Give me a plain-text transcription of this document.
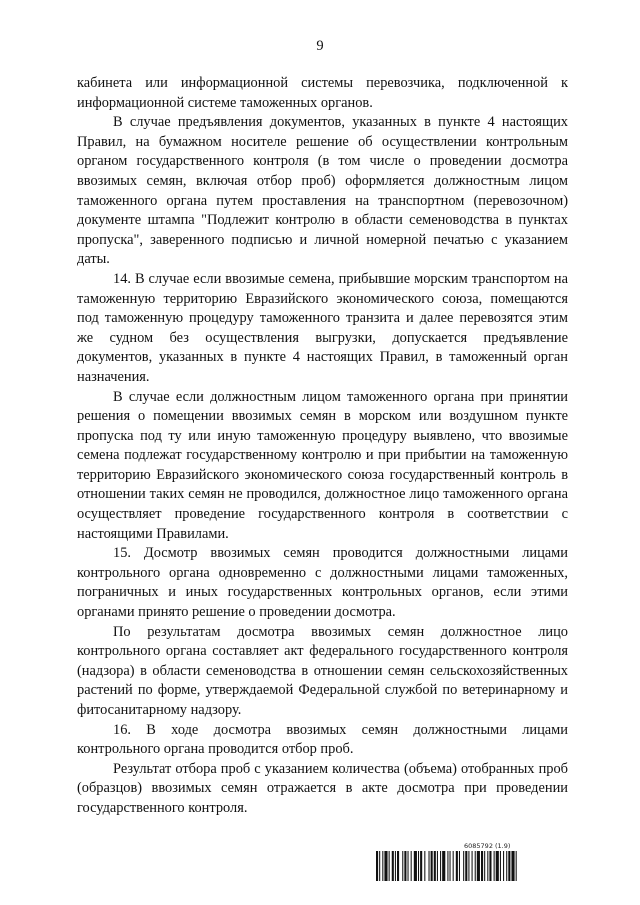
9

кабинета или информационной системы перевозчика, подключенной к информационной системе таможенных органов.

В случае предъявления документов, указанных в пункте 4 настоящих Правил, на бумажном носителе решение об осуществлении контрольным органом государственного контроля (в том числе о проведении досмотра ввозимых семян, включая отбор проб) оформляется должностным лицом таможенного органа путем проставления на транспортном (перевозочном) документе штампа "Подлежит контролю в области семеноводства в пунктах пропуска", заверенного подписью и личной номерной печатью с указанием даты.

14. В случае если ввозимые семена, прибывшие морским транспортом на таможенную территорию Евразийского экономического союза, помещаются под таможенную процедуру таможенного транзита и далее перевозятся этим же судном без осуществления выгрузки, допускается предъявление документов, указанных в пункте 4 настоящих Правил, в таможенный орган назначения.

В случае если должностным лицом таможенного органа при принятии решения о помещении ввозимых семян в морском или воздушном пункте пропуска под ту или иную таможенную процедуру выявлено, что ввозимые семена подлежат государственному контролю и при прибытии на таможенную территорию Евразийского экономического союза государственный контроль в отношении таких семян не проводился, должностное лицо таможенного органа осуществляет проведение государственного контроля в соответствии с настоящими Правилами.

15. Досмотр ввозимых семян проводится должностными лицами контрольного органа одновременно с должностными лицами таможенных, пограничных и иных государственных контрольных органов, если этими органами принято решение о проведении досмотра.

По результатам досмотра ввозимых семян должностное лицо контрольного органа составляет акт федерального государственного контроля (надзора) в области семеноводства в отношении семян сельскохозяйственных растений по форме, утверждаемой Федеральной службой по ветеринарному и фитосанитарному надзору.

16. В ходе досмотра ввозимых семян должностными лицами контрольного органа проводится отбор проб.

Результат отбора проб с указанием количества (объема) отобранных проб (образцов) ввозимых семян отражается в акте досмотра при проведении государственного контроля.

6085792 (1.9)
